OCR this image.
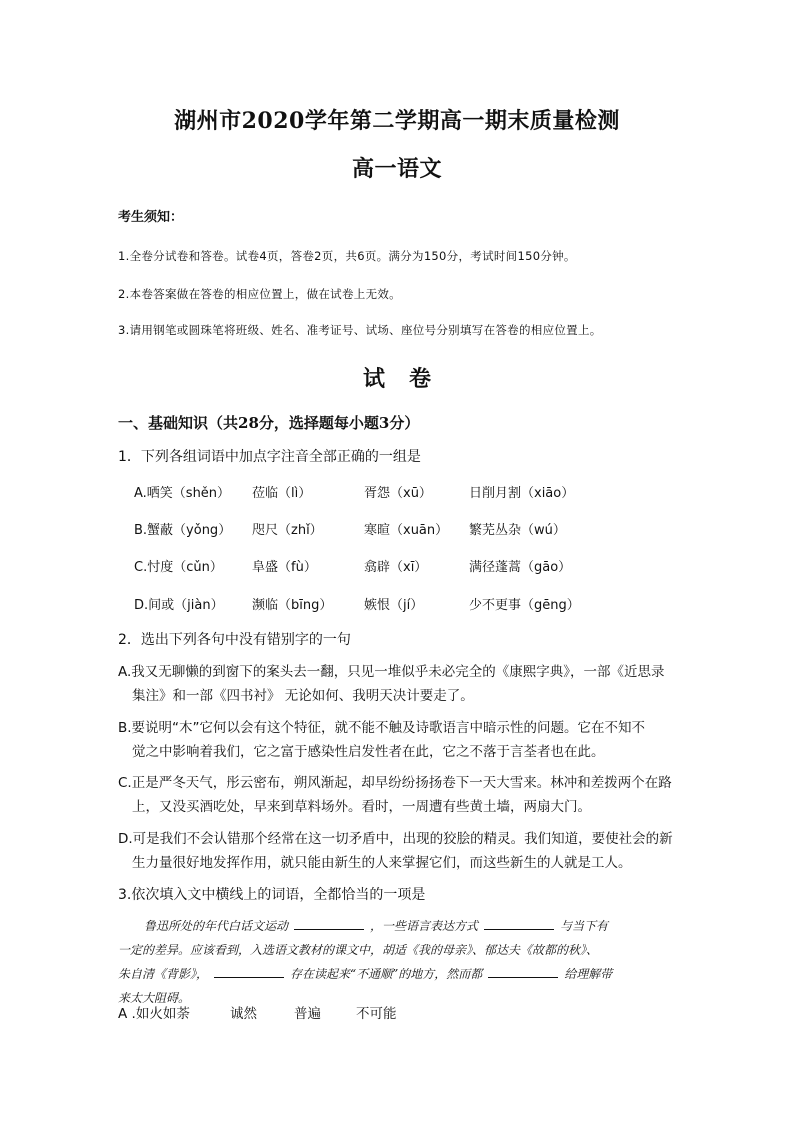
湖州市2020学年第二学期高一期末质量检测
高一语文
考生须知：
1.全卷分试卷和答卷。试卷4页，答卷2页，共6页。满分为150分，考试时间150分钟。
2.本卷答案做在答卷的相应位置上，做在试卷上无效。
3.请用钢笔或圆珠笔将班级、姓名、准考证号、试场、座位号分别填写在答卷的相应位置上。
试卷
一、基础知识（共28分，选择题每小题3分）
1．下列各组词语中加点字注音全部正确的一组是
A.哂笑（shěn） 莅临（lì）	胥怨（xū）	日削月割（xiāo）
B.蟹蔽（yǒng） 咫尺（zhǐ）	寒暄（xuān） 繁芜丛杂（wú）
C.忖度（cǔn） 阜盛（fù）	翕辟（xī）	满径蓬蒿（gāo）
D.间或（jiàn） 濒临（bīng） 嫉恨（jí）	少不更事（gēng）
2．选出下列各句中没有错别字的一句
A.我又无聊懒的到窗下的案头去一翻，只见一堆似乎未必完全的《康熙字典》，一部《近思录
集注》和一部《四书衬》 无论如何、我明天决计要走了。
B.要说明“木”它何以会有这个特征，就不能不触及诗歌语言中暗示性的问题。它在不知不
觉之中影响着我们，它之富于感染性启发性者在此，它之不落于言荃者也在此。
C.正是严冬天气，彤云密布，朔风渐起，却早纷纷扬扬卷下一天大雪来。林冲和差拨两个在路
上，又没买酒吃处，早来到草料场外。看时，一周遭有些黄土墙，两扇大门。
D.可是我们不会认错那个经常在这一切矛盾中，出现的狡脍的精灵。我们知道，要使社会的新
生力量很好地发挥作用，就只能由新生的人来掌握它们，而这些新生的人就是工人。
3.依次填入文中横线上的词语，全都恰当的一项是
鲁迅所处的年代白话文运动	，一些语言表达方式	与当下有
一定的差异。应该看到，入选语文教材的课文中，胡适《我的母亲》、郁达夫《故都的秋》、
朱自清《背影》，	存在读起来“不通顺”的地方，然而都	给理解带
来太大阻碍。
A .如火如荼	诚然	普遍	不可能
